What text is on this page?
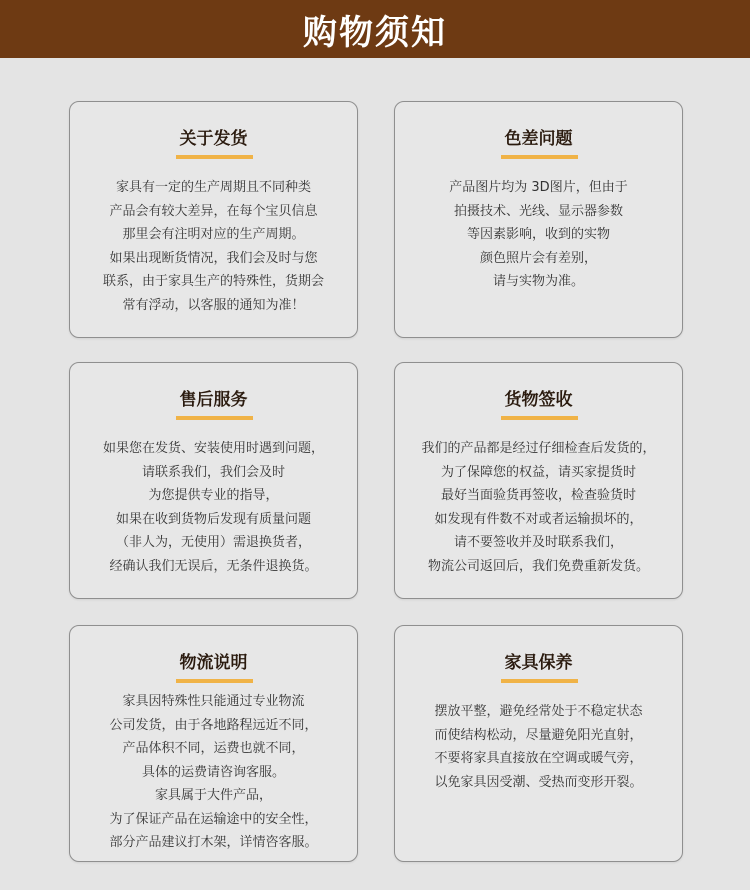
购物须知
关于发货
家具有一定的生产周期且不同种类
产品会有较大差异，在每个宝贝信息
那里会有注明对应的生产周期。
如果出现断货情况，我们会及时与您
联系，由于家具生产的特殊性，货期会
常有浮动，以客服的通知为准！
色差问题
产品图片均为 3D图片，但由于
拍摄技术、光线、显示器参数
等因素影响，收到的实物
颜色照片会有差别，
请与实物为准。
售后服务
如果您在发货、安装使用时遇到问题，
请联系我们，我们会及时
为您提供专业的指导，
如果在收到货物后发现有质量问题
（非人为，无使用）需退换货者，
经确认我们无误后，无条件退换货。
货物签收
我们的产品都是经过仔细检查后发货的，
为了保障您的权益，请买家提货时
最好当面验货再签收，检查验货时
如发现有件数不对或者运输损坏的，
请不要签收并及时联系我们，
物流公司返回后，我们免费重新发货。
物流说明
家具因特殊性只能通过专业物流
公司发货，由于各地路程远近不同，
产品体积不同，运费也就不同，
具体的运费请咨询客服。
家具属于大件产品，
为了保证产品在运输途中的安全性，
部分产品建议打木架，详情咨客服。
家具保养
摆放平整，避免经常处于不稳定状态
而使结构松动，尽量避免阳光直射，
不要将家具直接放在空调或暖气旁，
以免家具因受潮、受热而变形开裂。
